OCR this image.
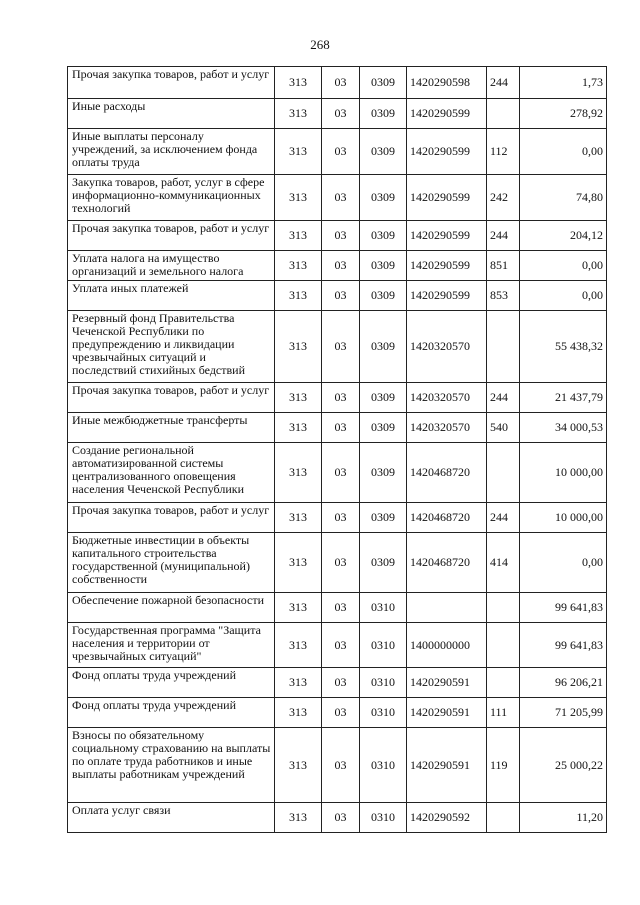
268
Прочая закупка товаров, работ и услуг	313	03	0309	1420290598	244	1,73
Иные расходы	313	03	0309	1420290599		278,92
Иные выплаты персоналу учреждений, за исключением фонда оплаты труда	313	03	0309	1420290599	112	0,00
Закупка товаров, работ, услуг в сфере информационно-коммуникационных технологий	313	03	0309	1420290599	242	74,80
Прочая закупка товаров, работ и услуг	313	03	0309	1420290599	244	204,12
Уплата налога на имущество организаций и земельного налога	313	03	0309	1420290599	851	0,00
Уплата иных платежей	313	03	0309	1420290599	853	0,00
Резервный фонд Правительства Чеченской Республики по предупреждению и ликвидации чрезвычайных ситуаций и последствий стихийных бедствий	313	03	0309	1420320570		55 438,32
Прочая закупка товаров, работ и услуг	313	03	0309	1420320570	244	21 437,79
Иные межбюджетные трансферты	313	03	0309	1420320570	540	34 000,53
Создание региональной автоматизированной системы централизованного оповещения населения Чеченской Республики	313	03	0309	1420468720		10 000,00
Прочая закупка товаров, работ и услуг	313	03	0309	1420468720	244	10 000,00
Бюджетные инвестиции в объекты капитального строительства государственной (муниципальной) собственности	313	03	0309	1420468720	414	0,00
Обеспечение пожарной безопасности	313	03	0310			99 641,83
Государственная программа "Защита населения и территории от чрезвычайных ситуаций"	313	03	0310	1400000000		99 641,83
Фонд оплаты труда учреждений	313	03	0310	1420290591		96 206,21
Фонд оплаты труда учреждений	313	03	0310	1420290591	111	71 205,99
Взносы по обязательному социальному страхованию на выплаты по оплате труда работников и иные выплаты работникам учреждений	313	03	0310	1420290591	119	25 000,22
Оплата услуг связи	313	03	0310	1420290592		11,20
